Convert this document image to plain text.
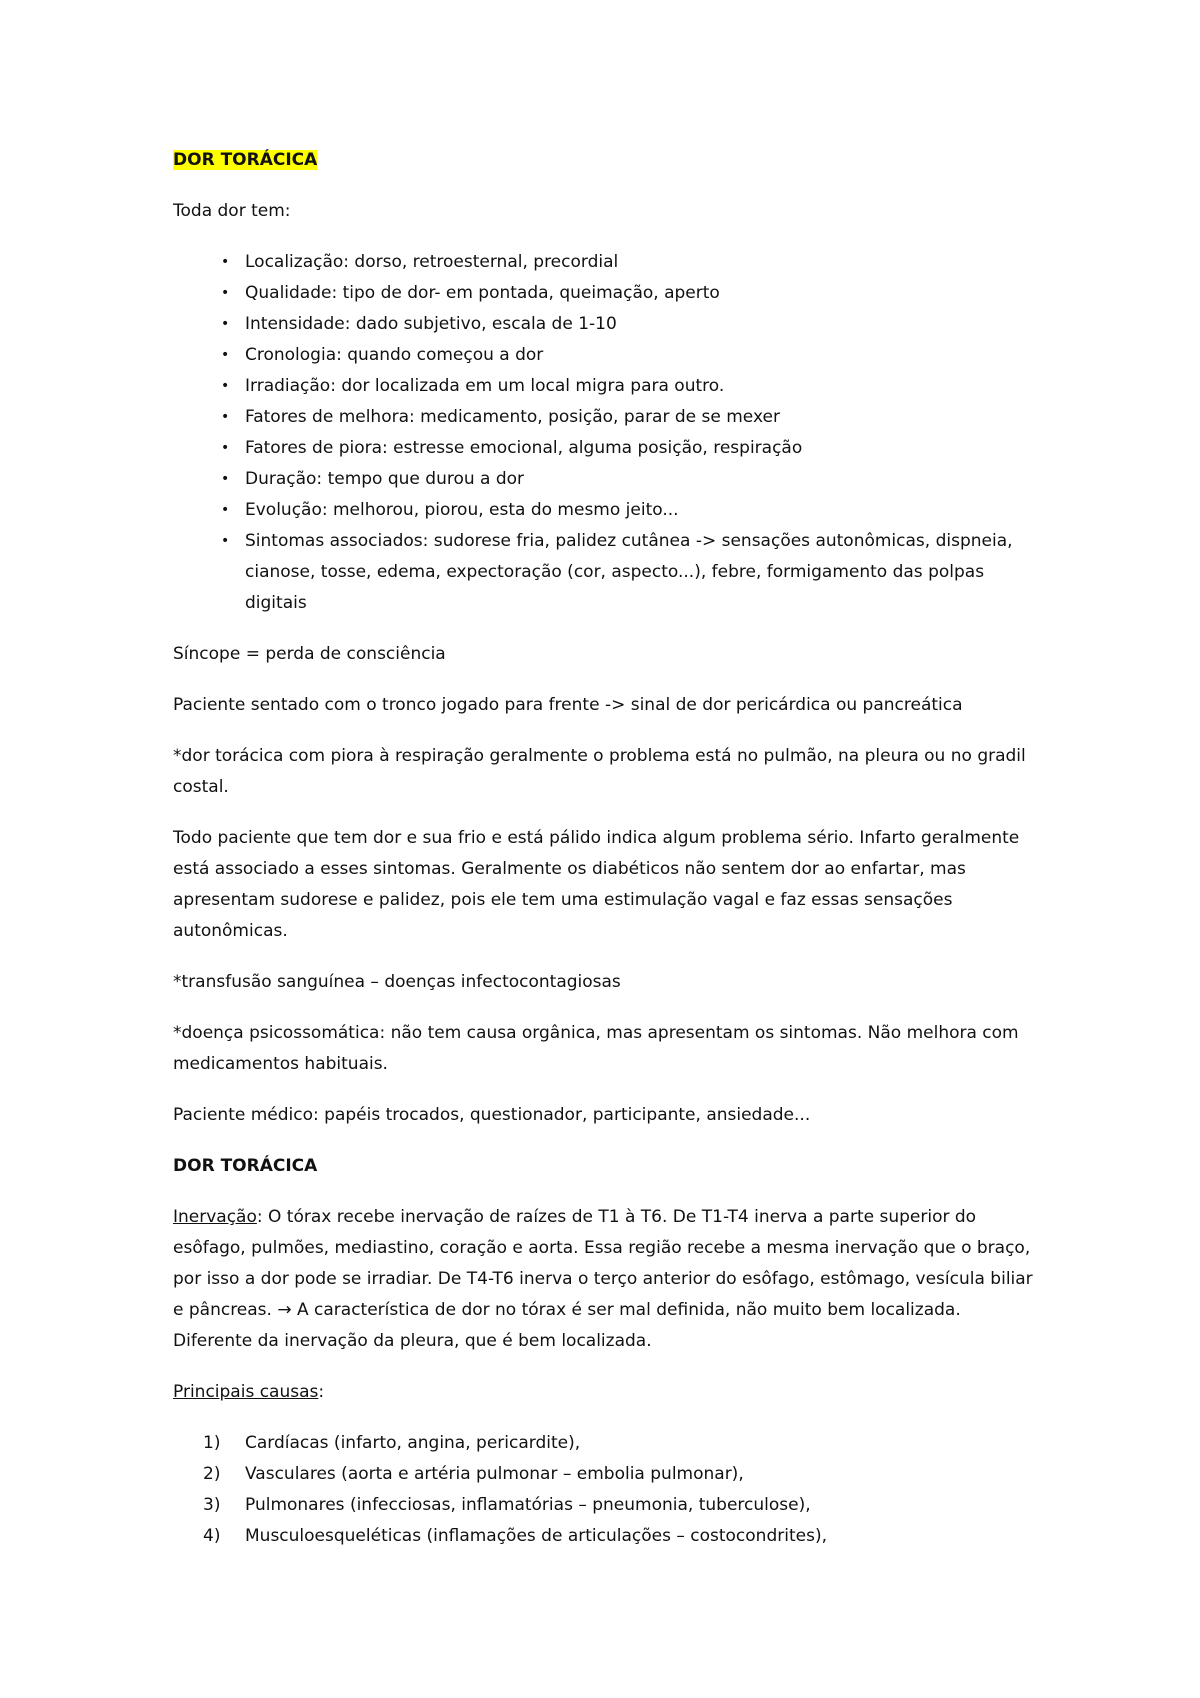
DOR TORÁCICA

Toda dor tem:

• Localização: dorso, retroesternal, precordial
• Qualidade: tipo de dor- em pontada, queimação, aperto
• Intensidade: dado subjetivo, escala de 1-10
• Cronologia: quando começou a dor
• Irradiação: dor localizada em um local migra para outro.
• Fatores de melhora: medicamento, posição, parar de se mexer
• Fatores de piora: estresse emocional, alguma posição, respiração
• Duração: tempo que durou a dor
• Evolução: melhorou, piorou, esta do mesmo jeito...
• Sintomas associados: sudorese fria, palidez cutânea -> sensações autonômicas, dispneia, cianose, tosse, edema, expectoração (cor, aspecto...), febre, formigamento das polpas digitais

Síncope = perda de consciência

Paciente sentado com o tronco jogado para frente -> sinal de dor pericárdica ou pancreática

*dor torácica com piora à respiração geralmente o problema está no pulmão, na pleura ou no gradil costal.

Todo paciente que tem dor e sua frio e está pálido indica algum problema sério. Infarto geralmente está associado a esses sintomas. Geralmente os diabéticos não sentem dor ao enfartar, mas apresentam sudorese e palidez, pois ele tem uma estimulação vagal e faz essas sensações autonômicas.

*transfusão sanguínea – doenças infectocontagiosas

*doença psicossomática: não tem causa orgânica, mas apresentam os sintomas. Não melhora com medicamentos habituais.

Paciente médico: papéis trocados, questionador, participante, ansiedade...

DOR TORÁCICA

Inervação: O tórax recebe inervação de raízes de T1 à T6. De T1-T4 inerva a parte superior do esôfago, pulmões, mediastino, coração e aorta. Essa região recebe a mesma inervação que o braço, por isso a dor pode se irradiar. De T4-T6 inerva o terço anterior do esôfago, estômago, vesícula biliar e pâncreas. → A característica de dor no tórax é ser mal definida, não muito bem localizada. Diferente da inervação da pleura, que é bem localizada.

Principais causas:

1) Cardíacas (infarto, angina, pericardite),
2) Vasculares (aorta e artéria pulmonar – embolia pulmonar),
3) Pulmonares (infecciosas, inflamatórias – pneumonia, tuberculose),
4) Musculoesqueléticas (inflamações de articulações – costocondrites),
